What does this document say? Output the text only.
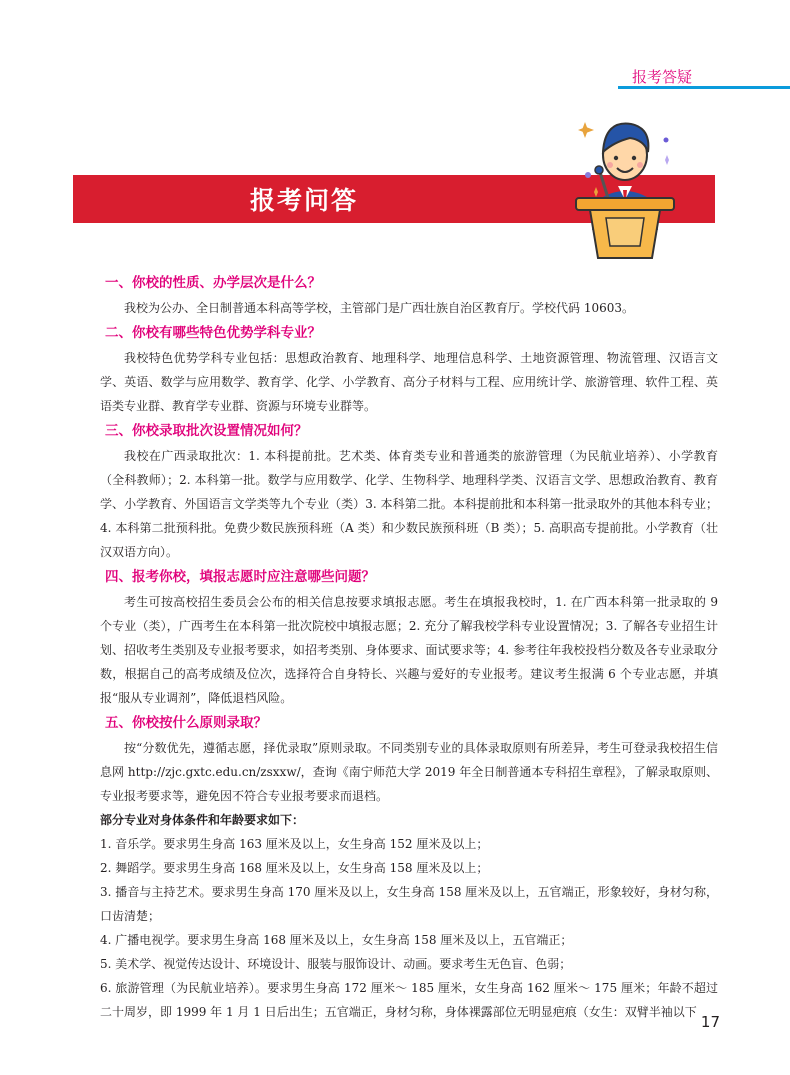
报考答疑
报考问答

一、你校的性质、办学层次是什么？

我校为公办、全日制普通本科高等学校，主管部门是广西壮族自治区教育厅。学校代码 10603。

二、你校有哪些特色优势学科专业？

我校特色优势学科专业包括：思想政治教育、地理科学、地理信息科学、土地资源管理、物流管理、汉语言文学、英语、数学与应用数学、教育学、化学、小学教育、高分子材料与工程、应用统计学、旅游管理、软件工程、英语类专业群、教育学专业群、资源与环境专业群等。

三、你校录取批次设置情况如何？

我校在广西录取批次：1. 本科提前批。艺术类、体育类专业和普通类的旅游管理（为民航业培养）、小学教育（全科教师）；2. 本科第一批。数学与应用数学、化学、生物科学、地理科学类、汉语言文学、思想政治教育、教育学、小学教育、外国语言文学类等九个专业（类）3. 本科第二批。本科提前批和本科第一批录取外的其他本科专业；4. 本科第二批预科批。免费少数民族预科班（A 类）和少数民族预科班（B 类）；5. 高职高专提前批。小学教育（壮汉双语方向）。

四、报考你校，填报志愿时应注意哪些问题？

考生可按高校招生委员会公布的相关信息按要求填报志愿。考生在填报我校时，1. 在广西本科第一批录取的 9 个专业（类），广西考生在本科第一批次院校中填报志愿；2. 充分了解我校学科专业设置情况；3. 了解各专业招生计划、招收考生类别及专业报考要求，如招考类别、身体要求、面试要求等；4. 参考往年我校投档分数及各专业录取分数，根据自己的高考成绩及位次，选择符合自身特长、兴趣与爱好的专业报考。建议考生报满 6 个专业志愿，并填报“服从专业调剂”，降低退档风险。

五、你校按什么原则录取？

按“分数优先，遵循志愿，择优录取”原则录取。不同类别专业的具体录取原则有所差异，考生可登录我校招生信息网 http://zjc.gxtc.edu.cn/zsxxw/，查询《南宁师范大学 2019 年全日制普通本专科招生章程》，了解录取原则、专业报考要求等，避免因不符合专业报考要求而退档。

部分专业对身体条件和年龄要求如下：

1. 音乐学。要求男生身高 163 厘米及以上，女生身高 152 厘米及以上；

2. 舞蹈学。要求男生身高 168 厘米及以上，女生身高 158 厘米及以上；

3. 播音与主持艺术。要求男生身高 170 厘米及以上，女生身高 158 厘米及以上，五官端正，形象较好，身材匀称，口齿清楚；

4. 广播电视学。要求男生身高 168 厘米及以上，女生身高 158 厘米及以上，五官端正；

5. 美术学、视觉传达设计、环境设计、服装与服饰设计、动画。要求考生无色盲、色弱；

6. 旅游管理（为民航业培养）。要求男生身高 172 厘米～ 185 厘米，女生身高 162 厘米～ 175 厘米；年龄不超过二十周岁，即 1999 年 1 月 1 日后出生；五官端正，身材匀称，身体裸露部位无明显疤痕（女生：双臂半袖以下

17
